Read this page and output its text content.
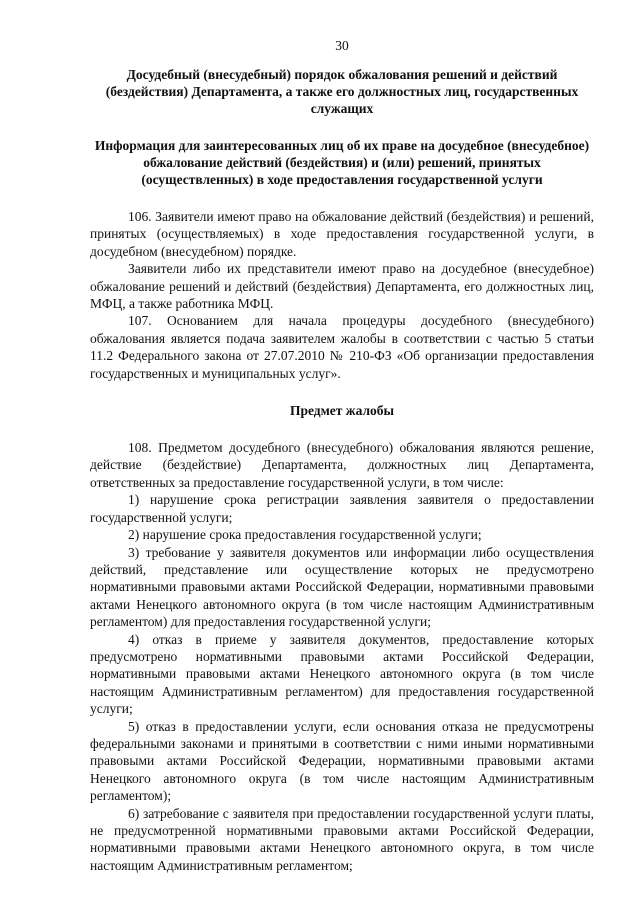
30
Досудебный (внесудебный) порядок обжалования решений и действий (бездействия) Департамента, а также его должностных лиц, государственных служащих
Информация для заинтересованных лиц об их праве на досудебное (внесудебное) обжалование действий (бездействия) и (или) решений, принятых (осуществленных) в ходе предоставления государственной услуги

106. Заявители имеют право на обжалование действий (бездействия) и решений, принятых (осуществляемых) в ходе предоставления государственной услуги, в досудебном (внесудебном) порядке.

Заявители либо их представители имеют право на досудебное (внесудебное) обжалование решений и действий (бездействия) Департамента, его должностных лиц, МФЦ, а также работника МФЦ.

107. Основанием для начала процедуры досудебного (внесудебного) обжалования является подача заявителем жалобы в соответствии с частью 5 статьи 11.2 Федерального закона от 27.07.2010 № 210-ФЗ «Об организации предоставления государственных и муниципальных услуг».

Предмет жалобы

108. Предметом досудебного (внесудебного) обжалования являются решение, действие (бездействие) Департамента, должностных лиц Департамента, ответственных за предоставление государственной услуги, в том числе:

1) нарушение срока регистрации заявления заявителя о предоставлении государственной услуги;

2) нарушение срока предоставления государственной услуги;

3) требование у заявителя документов или информации либо осуществления действий, представление или осуществление которых не предусмотрено нормативными правовыми актами Российской Федерации, нормативными правовыми актами Ненецкого автономного округа (в том числе настоящим Административным регламентом) для предоставления государственной услуги;

4) отказ в приеме у заявителя документов, предоставление которых предусмотрено нормативными правовыми актами Российской Федерации, нормативными правовыми актами Ненецкого автономного округа (в том числе настоящим Административным регламентом) для предоставления государственной услуги;

5) отказ в предоставлении услуги, если основания отказа не предусмотрены федеральными законами и принятыми в соответствии с ними иными нормативными правовыми актами Российской Федерации, нормативными правовыми актами Ненецкого автономного округа (в том числе настоящим Административным регламентом);

6) затребование с заявителя при предоставлении государственной услуги платы, не предусмотренной нормативными правовыми актами Российской Федерации, нормативными правовыми актами Ненецкого автономного округа, в том числе настоящим Административным регламентом;
